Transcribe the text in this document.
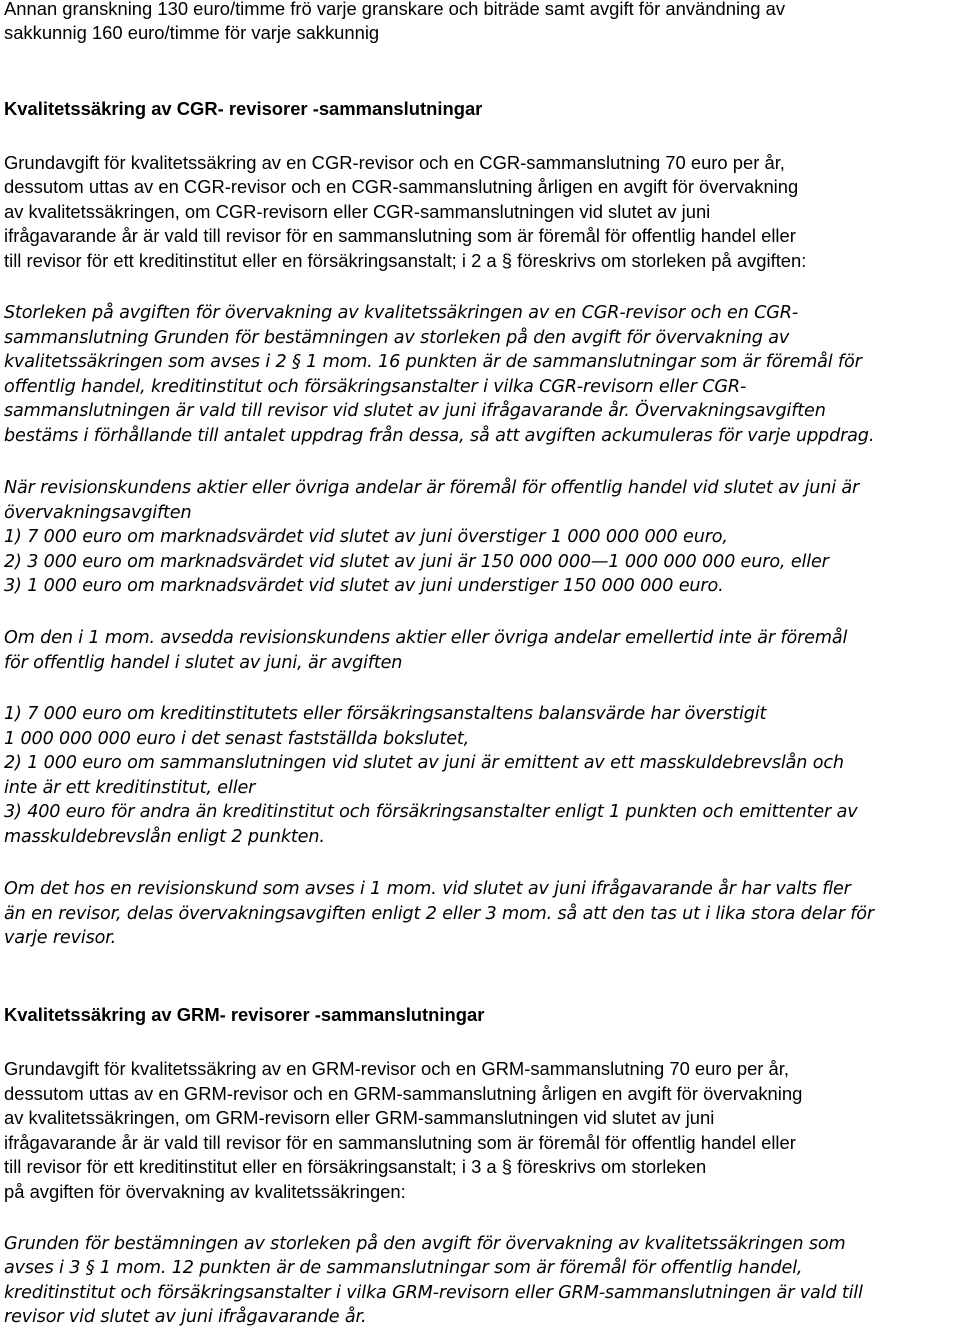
Annan granskning 130 euro/timme frö varje granskare och biträde samt avgift för användning av
sakkunnig 160 euro/timme för varje sakkunnig
Kvalitetssäkring av CGR- revisorer -sammanslutningar
Grundavgift för kvalitetssäkring av en CGR-revisor och en CGR-sammanslutning 70 euro per år,
dessutom uttas av en CGR-revisor och en CGR-sammanslutning årligen en avgift för övervakning
av kvalitetssäkringen, om CGR-revisorn eller CGR-sammanslutningen vid slutet av juni
ifrågavarande år är vald till revisor för en sammanslutning som är föremål för offentlig handel eller
till revisor för ett kreditinstitut eller en försäkringsanstalt; i 2 a § föreskrivs om storleken på avgiften:
Storleken på avgiften för övervakning av kvalitetssäkringen av en CGR-revisor och en CGR-
sammanslutning Grunden för bestämningen av storleken på den avgift för övervakning av
kvalitetssäkringen som avses i 2 § 1 mom. 16 punkten är de sammanslutningar som är föremål för
offentlig handel, kreditinstitut och försäkringsanstalter i vilka CGR-revisorn eller CGR-
sammanslutningen är vald till revisor vid slutet av juni ifrågavarande år. Övervakningsavgiften
bestäms i förhållande till antalet uppdrag från dessa, så att avgiften ackumuleras för varje uppdrag.
När revisionskundens aktier eller övriga andelar är föremål för offentlig handel vid slutet av juni är
övervakningsavgiften
1) 7 000 euro om marknadsvärdet vid slutet av juni överstiger 1 000 000 000 euro,
2) 3 000 euro om marknadsvärdet vid slutet av juni är 150 000 000—1 000 000 000 euro, eller
3) 1 000 euro om marknadsvärdet vid slutet av juni understiger 150 000 000 euro.
Om den i 1 mom. avsedda revisionskundens aktier eller övriga andelar emellertid inte är föremål
för offentlig handel i slutet av juni, är avgiften
1) 7 000 euro om kreditinstitutets eller försäkringsanstaltens balansvärde har överstigit
1 000 000 000 euro i det senast fastställda bokslutet,
2) 1 000 euro om sammanslutningen vid slutet av juni är emittent av ett masskuldebrevslån och
inte är ett kreditinstitut, eller
3) 400 euro för andra än kreditinstitut och försäkringsanstalter enligt 1 punkten och emittenter av
masskuldebrevslån enligt 2 punkten.
Om det hos en revisionskund som avses i 1 mom. vid slutet av juni ifrågavarande år har valts fler
än en revisor, delas övervakningsavgiften enligt 2 eller 3 mom. så att den tas ut i lika stora delar för
varje revisor.
Kvalitetssäkring av GRM- revisorer -sammanslutningar
Grundavgift för kvalitetssäkring av en GRM-revisor och en GRM-sammanslutning 70 euro per år,
dessutom uttas av en GRM-revisor och en GRM-sammanslutning årligen en avgift för övervakning
av kvalitetssäkringen, om GRM-revisorn eller GRM-sammanslutningen vid slutet av juni
ifrågavarande år är vald till revisor för en sammanslutning som är föremål för offentlig handel eller
till revisor för ett kreditinstitut eller en försäkringsanstalt; i 3 a § föreskrivs om storleken
på avgiften för övervakning av kvalitetssäkringen:
Grunden för bestämningen av storleken på den avgift för övervakning av kvalitetssäkringen som
avses i 3 § 1 mom. 12 punkten är de sammanslutningar som är föremål för offentlig handel,
kreditinstitut och försäkringsanstalter i vilka GRM-revisorn eller GRM-sammanslutningen är vald till
revisor vid slutet av juni ifrågavarande år.
